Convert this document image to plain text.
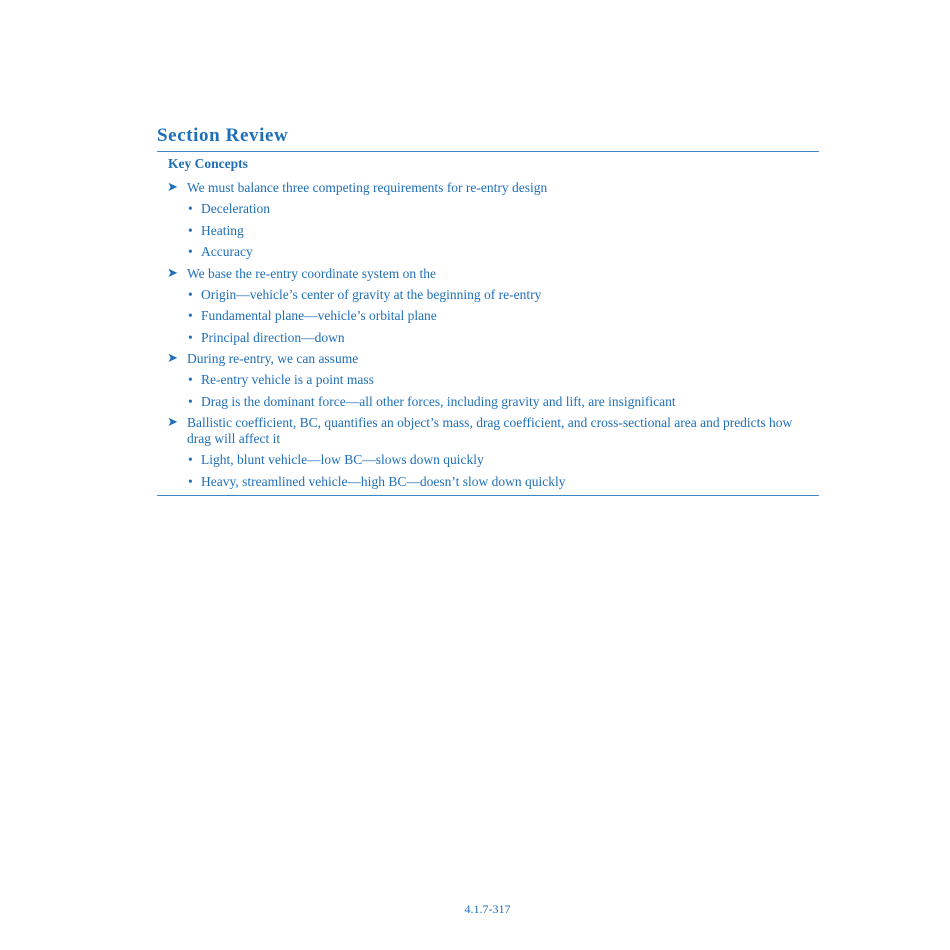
Section Review
Key Concepts
➤ We must balance three competing requirements for re-entry design
• Deceleration
• Heating
• Accuracy
➤ We base the re-entry coordinate system on the
• Origin—vehicle’s center of gravity at the beginning of re-entry
• Fundamental plane—vehicle’s orbital plane
• Principal direction—down
➤ During re-entry, we can assume
• Re-entry vehicle is a point mass
• Drag is the dominant force—all other forces, including gravity and lift, are insignificant
➤ Ballistic coefficient, BC, quantifies an object’s mass, drag coefficient, and cross-sectional area and predicts how drag will affect it
• Light, blunt vehicle—low BC—slows down quickly
• Heavy, streamlined vehicle—high BC—doesn’t slow down quickly
4.1.7-317
